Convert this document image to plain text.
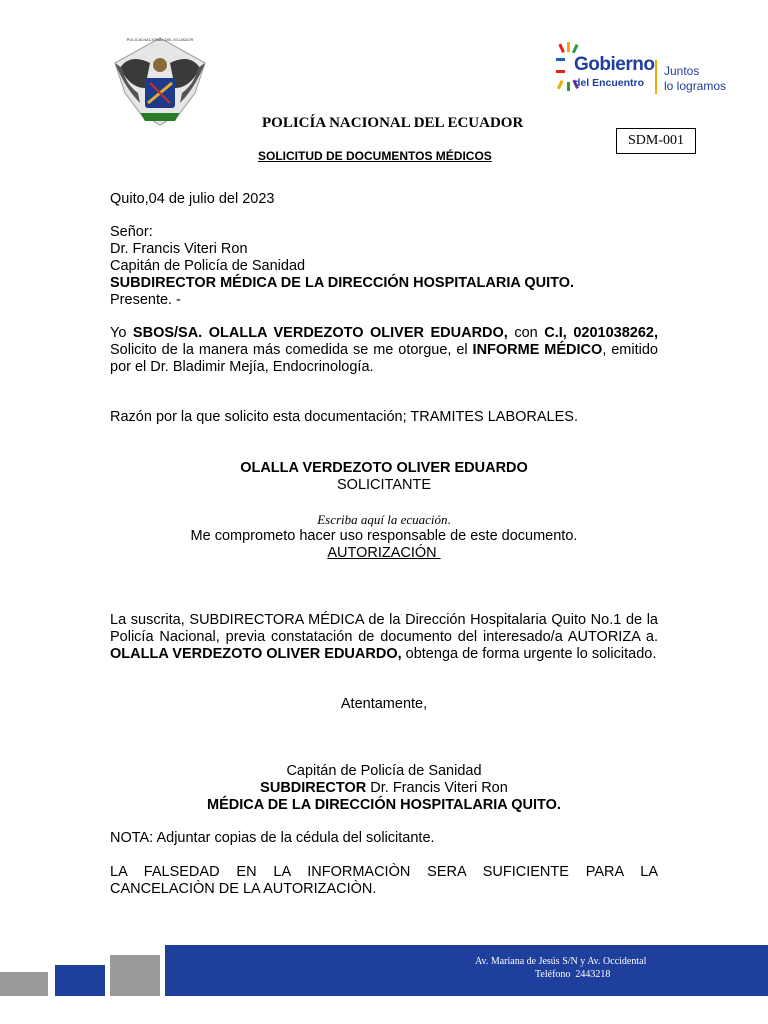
POLICIA NACIONAL DEL ECUADOR
Gobierno
del Encuentro
Juntos
lo logramos
POLICÍA NACIONAL DEL ECUADOR
SDM-001
SOLICITUD DE DOCUMENTOS MÉDICOS
Quito,04 de julio del 2023
Señor:
Dr. Francis Viteri Ron
Capitán de Policía de Sanidad
SUBDIRECTOR MÉDICA DE LA DIRECCIÓN HOSPITALARIA QUITO.
Presente. -
Yo SBOS/SA. OLALLA VERDEZOTO OLIVER EDUARDO, con C.I, 0201038262, Solicito de la manera más comedida se me otorgue, el INFORME MÉDICO, emitido por el Dr. Bladimir Mejía, Endocrinología.
Razón por la que solicito esta documentación; TRAMITES LABORALES.
OLALLA VERDEZOTO OLIVER EDUARDO
SOLICITANTE
Escriba aquí la ecuación.
Me comprometo hacer uso responsable de este documento.
AUTORIZACIÓN
La suscrita, SUBDIRECTORA MÉDICA de la Dirección Hospitalaria Quito No.1 de la Policía Nacional, previa constatación de documento del interesado/a AUTORIZA a. OLALLA VERDEZOTO OLIVER EDUARDO, obtenga de forma urgente lo solicitado.
Atentamente,
Capitán de Policía de Sanidad
SUBDIRECTOR Dr. Francis Viteri Ron
MÉDICA DE LA DIRECCIÓN HOSPITALARIA QUITO.
NOTA: Adjuntar copias de la cédula del solicitante.
LA FALSEDAD EN LA INFORMACIÒN SERA SUFICIENTE PARA LA CANCELACIÒN DE LA AUTORIZACIÒN.
Av. Mariana de Jesús S/N y Av. Occidental
Teléfono  2443218
